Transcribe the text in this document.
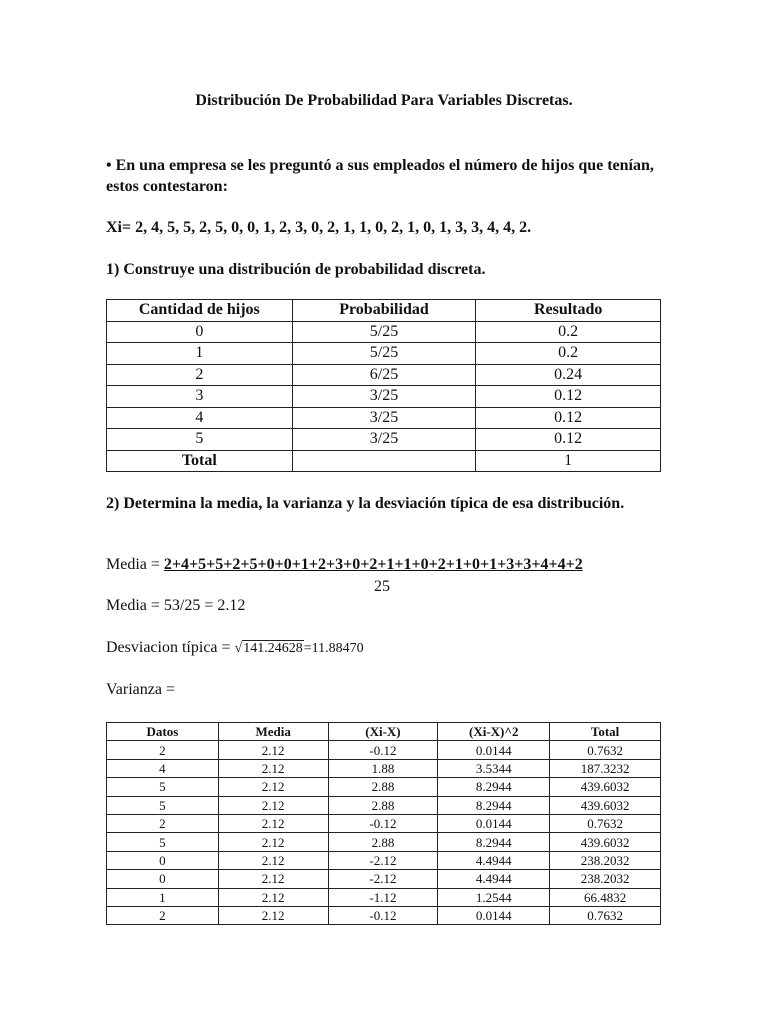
Distribución De Probabilidad Para Variables Discretas.
• En una empresa se les preguntó a sus empleados el número de hijos que tenían, estos contestaron:
Xi= 2, 4, 5, 5, 2, 5, 0, 0, 1, 2, 3, 0, 2, 1, 1, 0, 2, 1, 0, 1, 3, 3, 4, 4, 2.
1) Construye una distribución de probabilidad discreta.
Cantidad de hijos	Probabilidad	Resultado
0	5/25	0.2
1	5/25	0.2
2	6/25	0.24
3	3/25	0.12
4	3/25	0.12
5	3/25	0.12
Total		1
2) Determina la media, la varianza y la desviación típica de esa distribución.
Media = 2+4+5+5+2+5+0+0+1+2+3+0+2+1+1+0+2+1+0+1+3+3+4+4+2
25
Media = 53/25 = 2.12
Desviacion típica = √141.24628=11.88470
Varianza =
Datos	Media	(Xi-X)	(Xi-X)^2	Total
2	2.12	-0.12	0.0144	0.7632
4	2.12	1.88	3.5344	187.3232
5	2.12	2.88	8.2944	439.6032
5	2.12	2.88	8.2944	439.6032
2	2.12	-0.12	0.0144	0.7632
5	2.12	2.88	8.2944	439.6032
0	2.12	-2.12	4.4944	238.2032
0	2.12	-2.12	4.4944	238.2032
1	2.12	-1.12	1.2544	66.4832
2	2.12	-0.12	0.0144	0.7632
